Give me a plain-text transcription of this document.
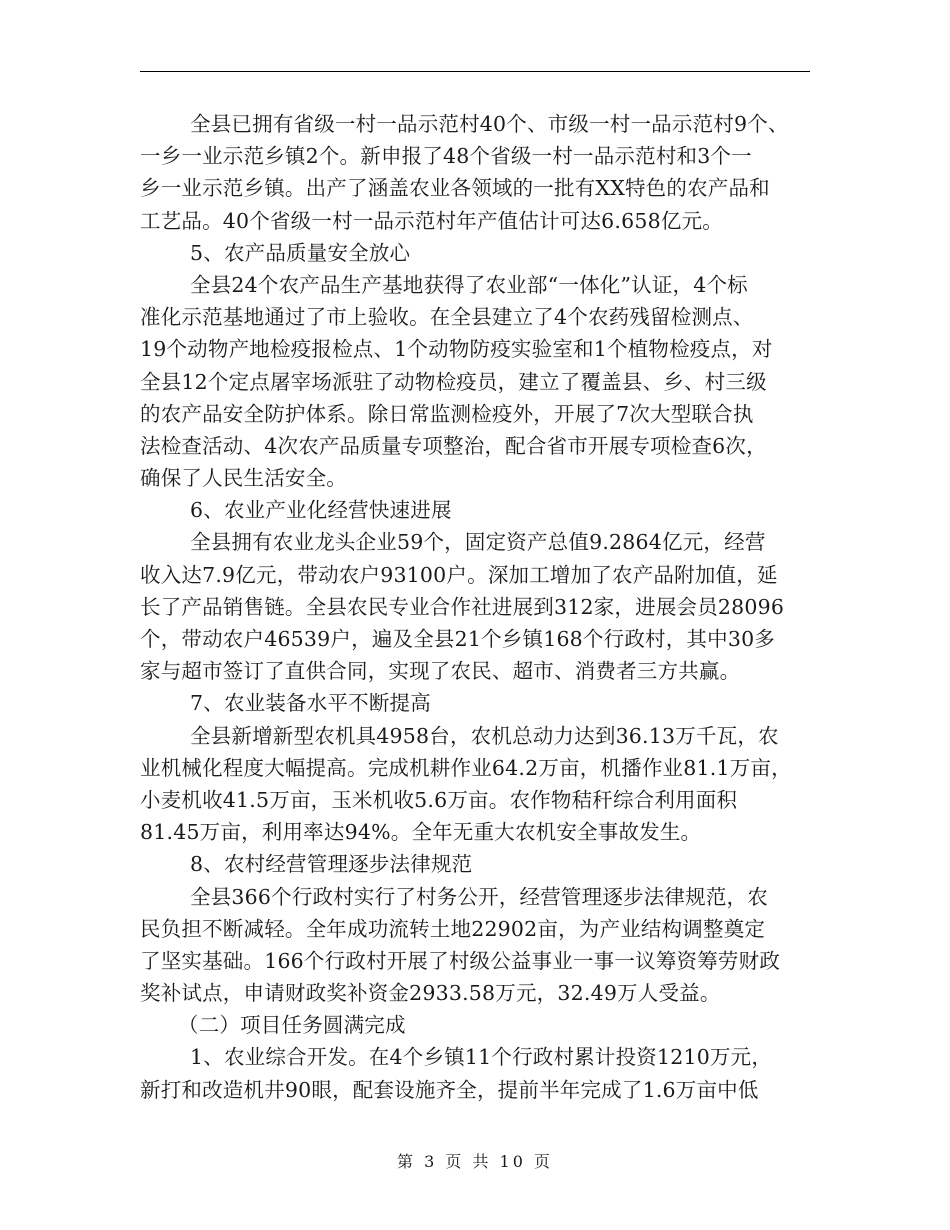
全县已拥有省级一村一品示范村40个、市级一村一品示范村9个、
一乡一业示范乡镇2个。新申报了48个省级一村一品示范村和3个一
乡一业示范乡镇。出产了涵盖农业各领域的一批有XX特色的农产品和
工艺品。40个省级一村一品示范村年产值估计可达6.658亿元。
5、农产品质量安全放心
全县24个农产品生产基地获得了农业部“一体化”认证，4个标
准化示范基地通过了市上验收。在全县建立了4个农药残留检测点、
19个动物产地检疫报检点、1个动物防疫实验室和1个植物检疫点，对
全县12个定点屠宰场派驻了动物检疫员，建立了覆盖县、乡、村三级
的农产品安全防护体系。除日常监测检疫外，开展了7次大型联合执
法检查活动、4次农产品质量专项整治，配合省市开展专项检查6次，
确保了人民生活安全。
6、农业产业化经营快速进展
全县拥有农业龙头企业59个，固定资产总值9.2864亿元，经营
收入达7.9亿元，带动农户93100户。深加工增加了农产品附加值，延
长了产品销售链。全县农民专业合作社进展到312家，进展会员28096
个，带动农户46539户，遍及全县21个乡镇168个行政村，其中30多
家与超市签订了直供合同，实现了农民、超市、消费者三方共赢。
7、农业装备水平不断提高
全县新增新型农机具4958台，农机总动力达到36.13万千瓦，农
业机械化程度大幅提高。完成机耕作业64.2万亩，机播作业81.1万亩，
小麦机收41.5万亩，玉米机收5.6万亩。农作物秸秆综合利用面积
81.45万亩，利用率达94%。全年无重大农机安全事故发生。
8、农村经营管理逐步法律规范
全县366个行政村实行了村务公开，经营管理逐步法律规范，农
民负担不断减轻。全年成功流转土地22902亩，为产业结构调整奠定
了坚实基础。166个行政村开展了村级公益事业一事一议筹资筹劳财政
奖补试点，申请财政奖补资金2933.58万元，32.49万人受益。
（二）项目任务圆满完成
1、农业综合开发。在4个乡镇11个行政村累计投资1210万元，
新打和改造机井90眼，配套设施齐全，提前半年完成了1.6万亩中低
第 3 页 共 10 页
